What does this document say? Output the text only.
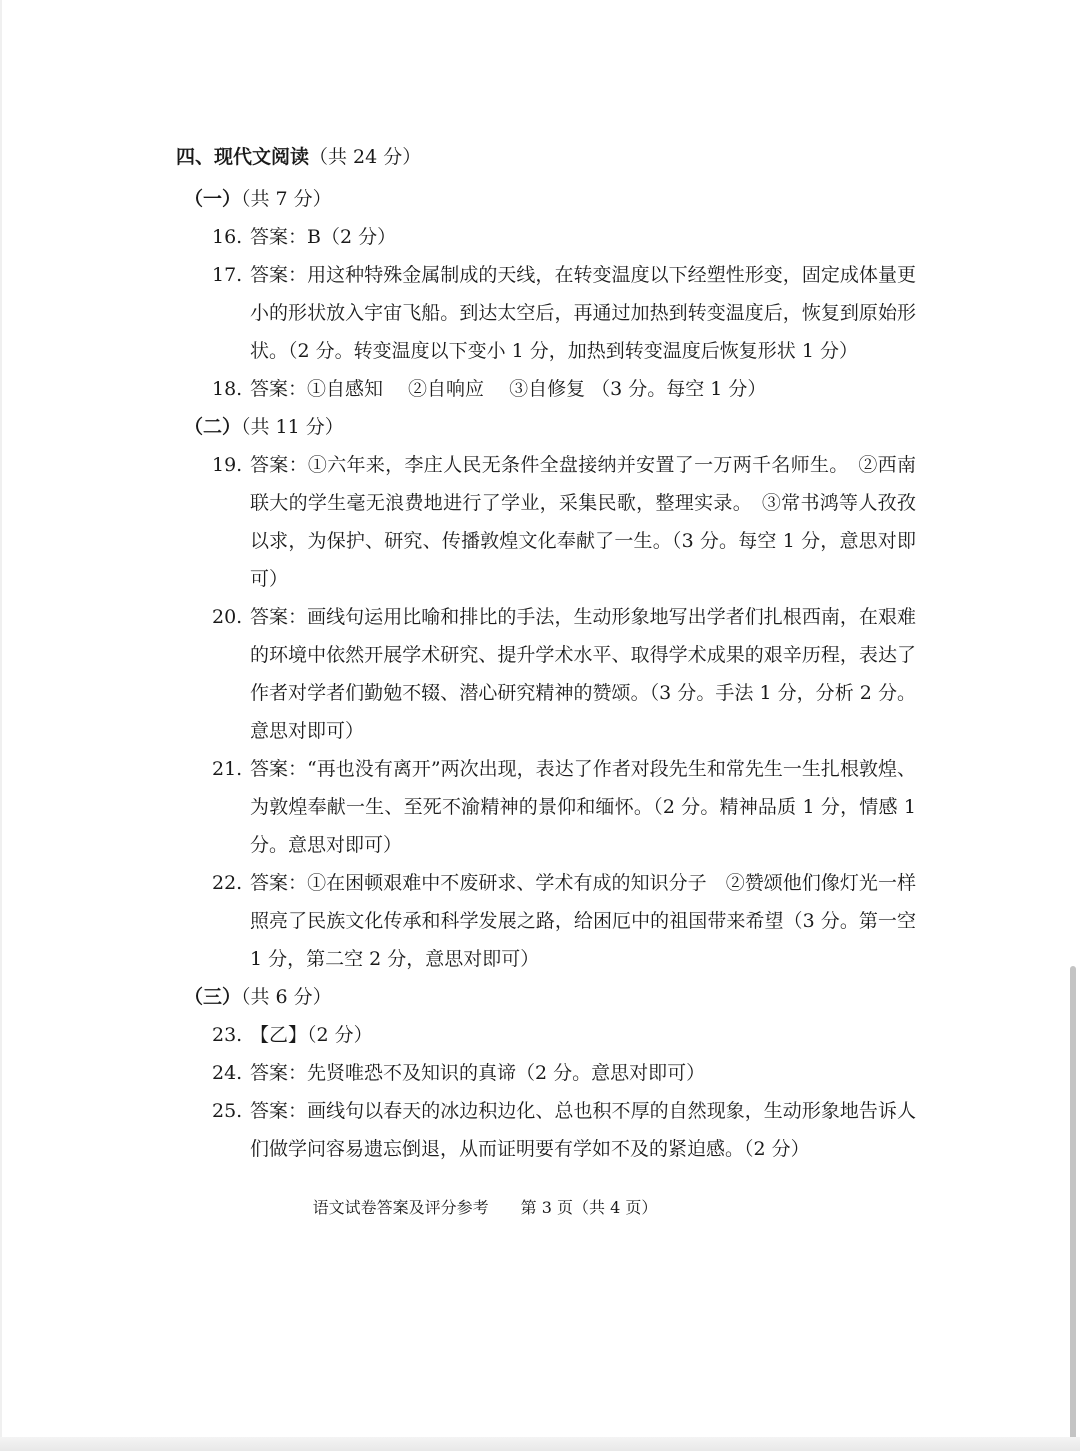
四、现代文阅读（共 24 分）
（一）（共 7 分）
16. 答案：B（2 分）
17. 答案：用这种特殊金属制成的天线，在转变温度以下经塑性形变，固定成体量更小的形状放入宇宙飞船。到达太空后，再通过加热到转变温度后，恢复到原始形状。（2 分。转变温度以下变小 1 分，加热到转变温度后恢复形状 1 分）
18. 答案：①自感知　 ②自响应　 ③自修复 （3 分。每空 1 分）
（二）（共 11 分）
19. 答案：①六年来，李庄人民无条件全盘接纳并安置了一万两千名师生。　②西南联大的学生毫无浪费地进行了学业，采集民歌，整理实录。　③常书鸿等人孜孜以求，为保护、研究、传播敦煌文化奉献了一生。（3 分。每空 1 分，意思对即可）
20. 答案：画线句运用比喻和排比的手法，生动形象地写出学者们扎根西南，在艰难的环境中依然开展学术研究、提升学术水平、取得学术成果的艰辛历程，表达了作者对学者们勤勉不辍、潜心研究精神的赞颂。（3 分。手法 1 分，分析 2 分。意思对即可）
21. 答案：“再也没有离开”两次出现，表达了作者对段先生和常先生一生扎根敦煌、为敦煌奉献一生、至死不渝精神的景仰和缅怀。（2 分。精神品质 1 分，情感 1 分。意思对即可）
22. 答案：①在困顿艰难中不废研求、学术有成的知识分子　②赞颂他们像灯光一样照亮了民族文化传承和科学发展之路，给困厄中的祖国带来希望（3 分。第一空 1 分，第二空 2 分，意思对即可）
（三）（共 6 分）
23. 【乙】（2 分）
24. 答案：先贤唯恐不及知识的真谛（2 分。意思对即可）
25. 答案：画线句以春天的冰边积边化、总也积不厚的自然现象，生动形象地告诉人们做学问容易遗忘倒退，从而证明要有学如不及的紧迫感。（2 分）
语文试卷答案及评分参考　　 第 3 页（共 4 页）
